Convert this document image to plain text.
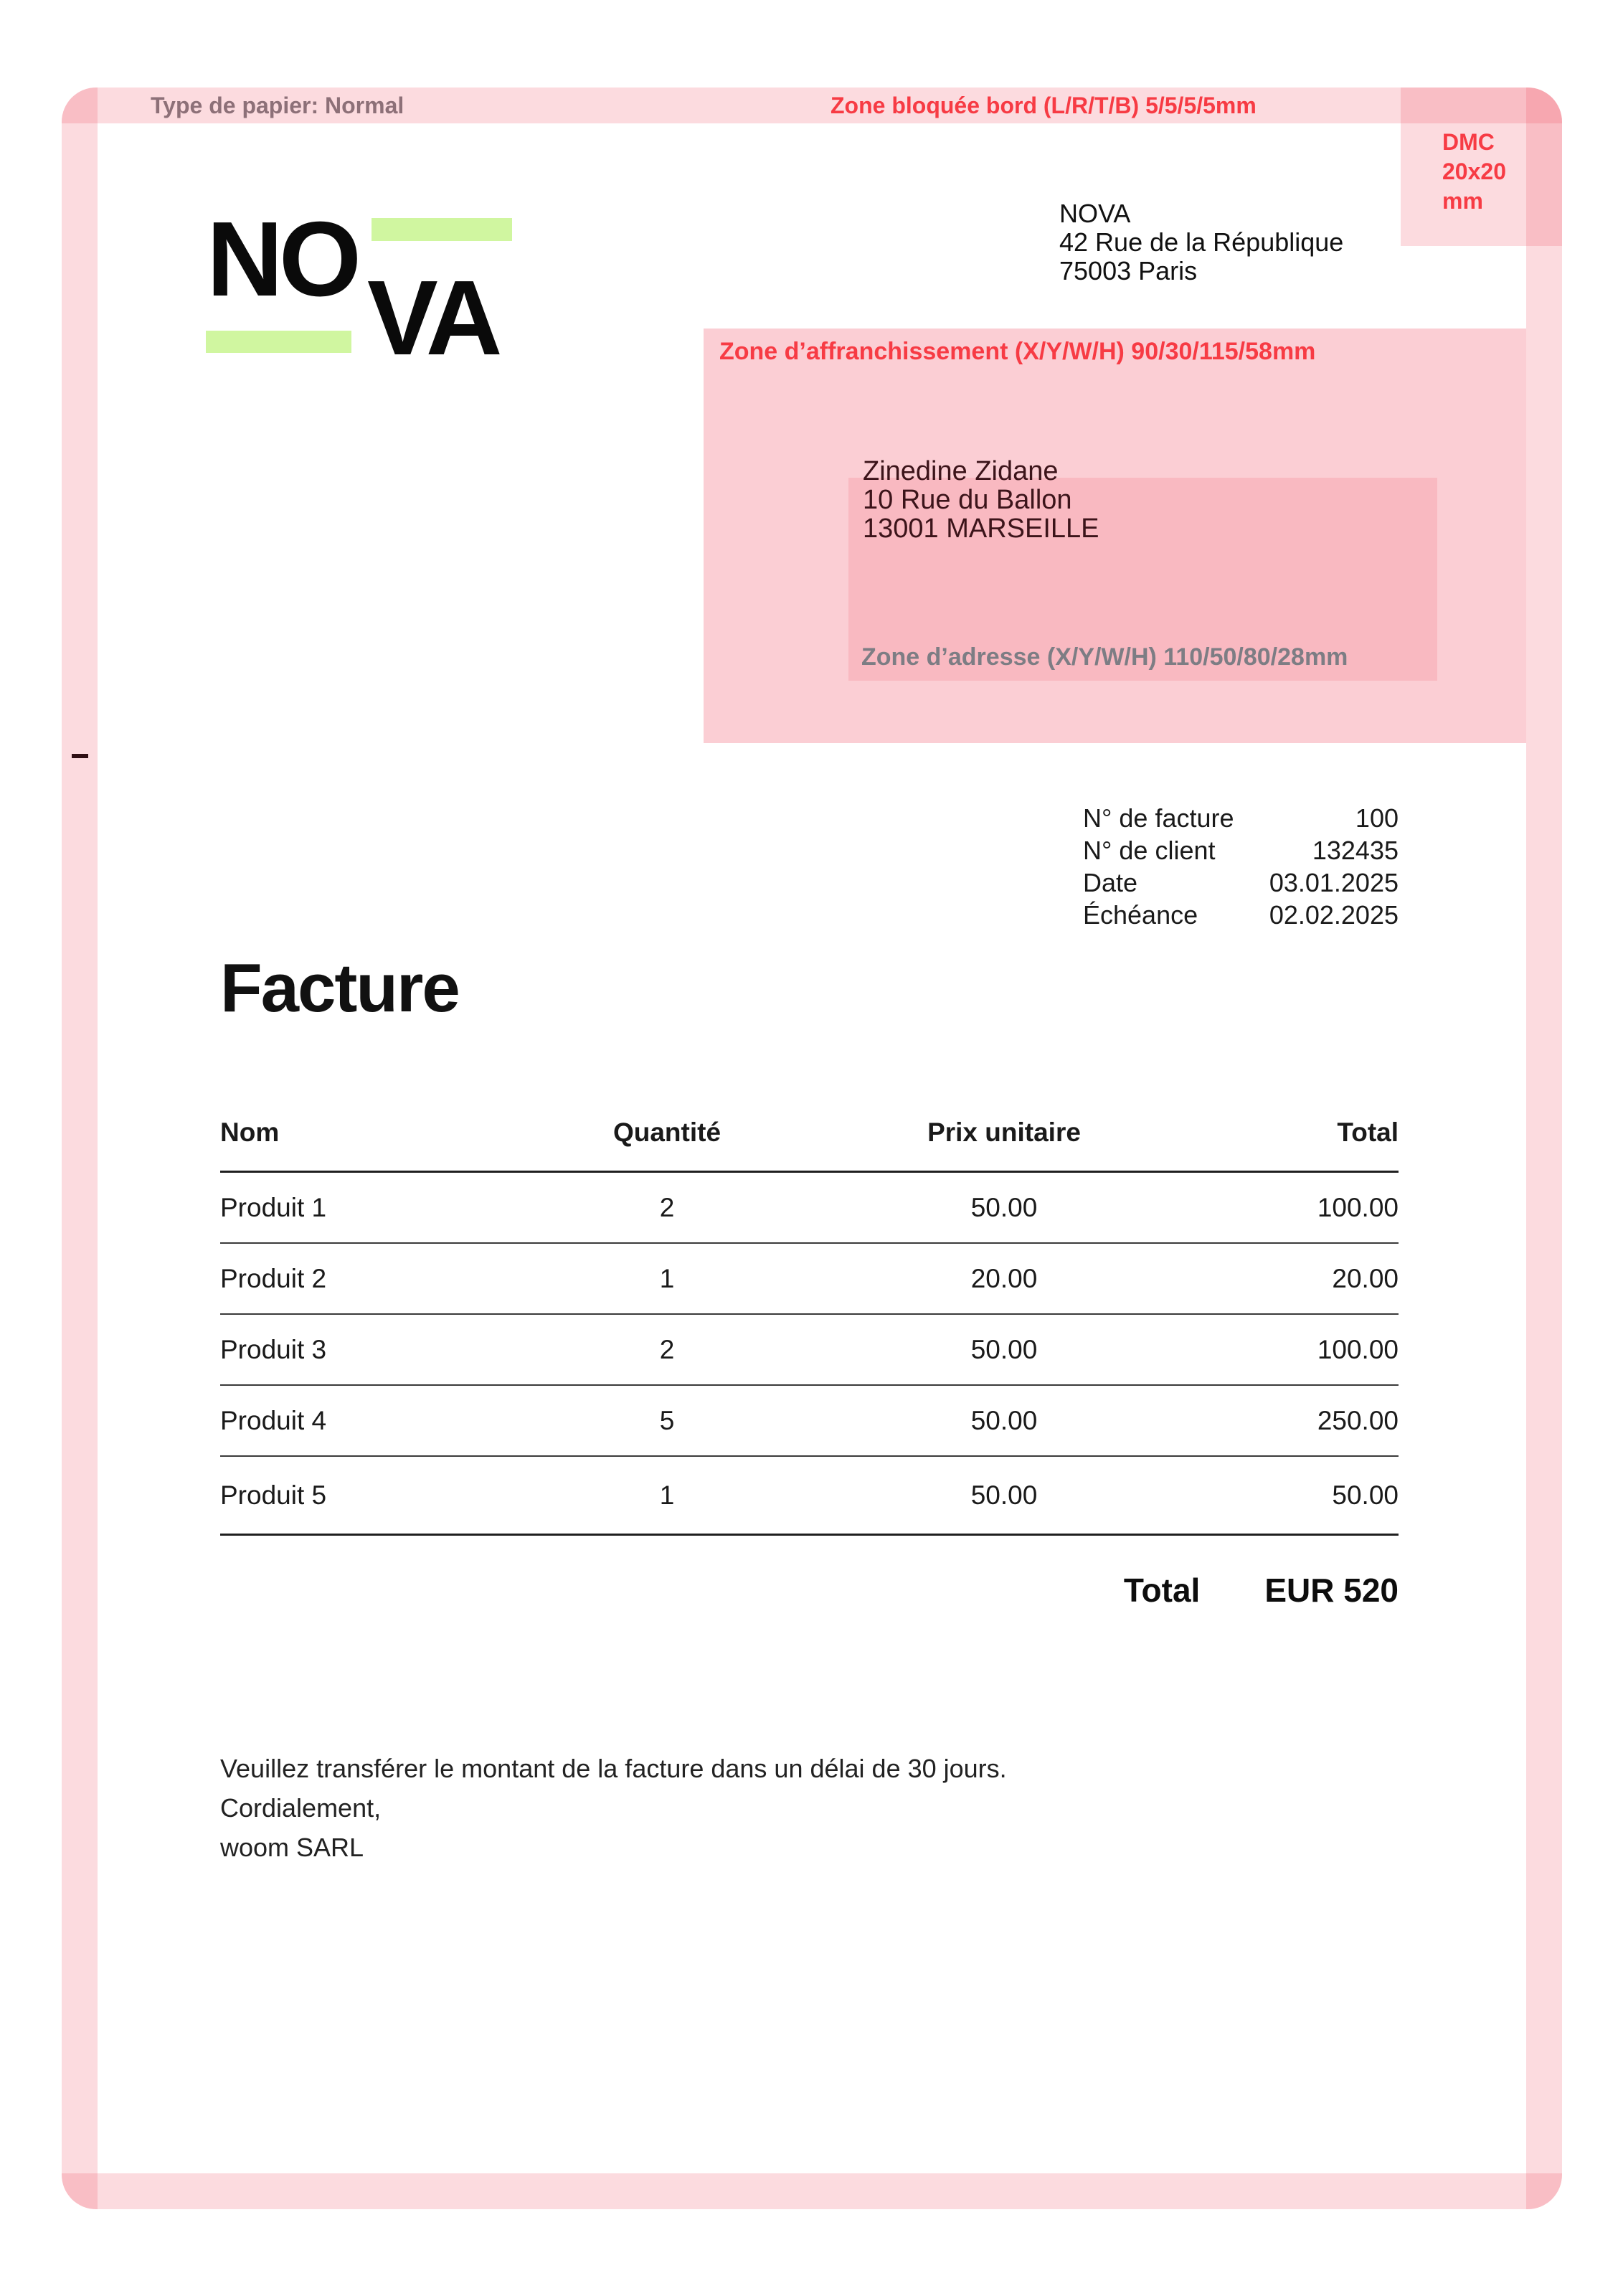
Type de papier: Normal	Zone bloquée bord (L/R/T/B) 5/5/5/5mm
DMC
20x20
mm
Zone d’affranchissement (X/Y/W/H) 90/30/115/58mm
Zone d’adresse (X/Y/W/H) 110/50/80/28mm
NO VA
NOVA
42 Rue de la République
75003 Paris
Zinedine Zidane
10 Rue du Ballon
13001 MARSEILLE
N° de facture	100
N° de client	132435
Date	03.01.2025
Échéance	02.02.2025
Facture
Nom	Quantité	Prix unitaire	Total
Produit 1	2	50.00	100.00
Produit 2	1	20.00	20.00
Produit 3	2	50.00	100.00
Produit 4	5	50.00	250.00
Produit 5	1	50.00	50.00
Total EUR 520
Veuillez transférer le montant de la facture dans un délai de 30 jours.
Cordialement,
woom SARL
